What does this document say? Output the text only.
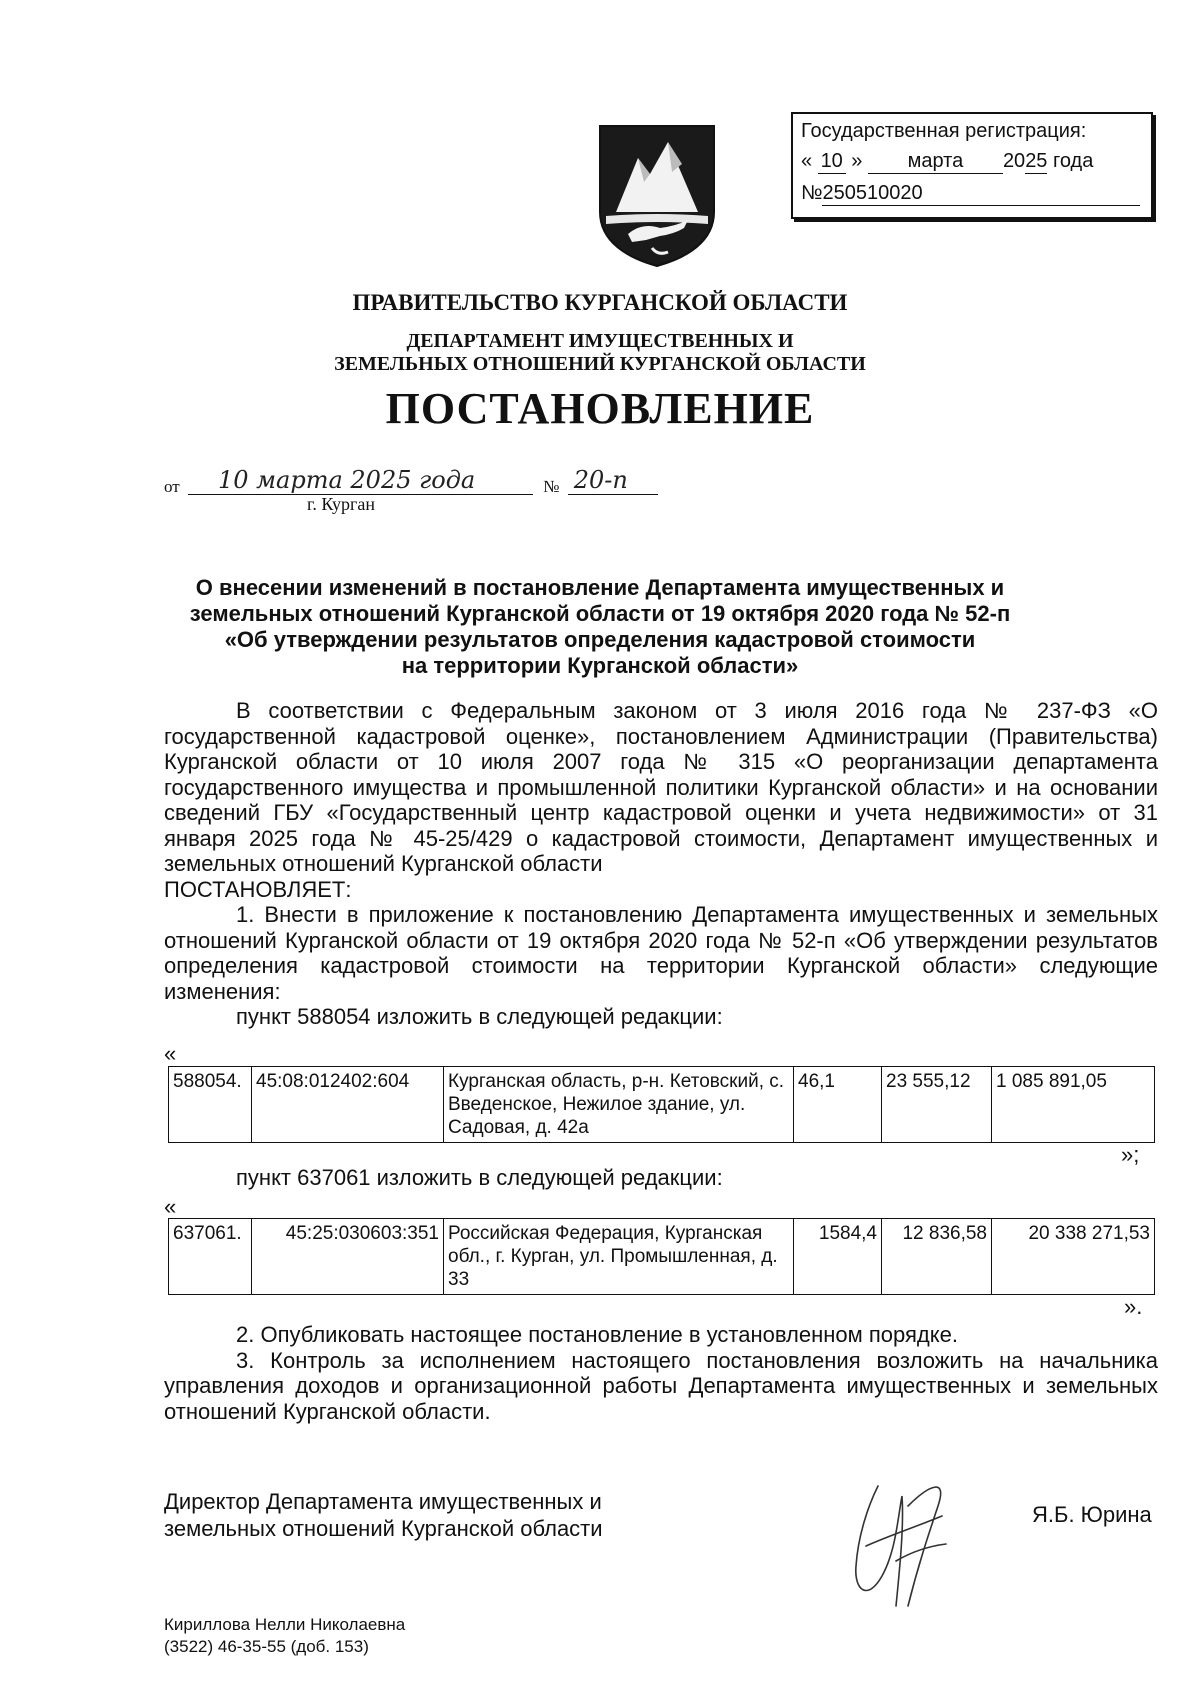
Государственная регистрация:
« 10 » марта 2025 года
№250510020
ПРАВИТЕЛЬСТВО КУРГАНСКОЙ ОБЛАСТИ
ДЕПАРТАМЕНТ ИМУЩЕСТВЕННЫХ И
ЗЕМЕЛЬНЫХ ОТНОШЕНИЙ КУРГАНСКОЙ ОБЛАСТИ
ПОСТАНОВЛЕНИЕ
от 10 марта 2025 года	№ 20-п
г. Курган
О внесении изменений в постановление Департамента имущественных и
земельных отношений Курганской области от 19 октября 2020 года № 52-п
«Об утверждении результатов определения кадастровой стоимости
на территории Курганской области»

В соответствии с Федеральным законом от 3 июля 2016 года № 237-ФЗ «О государственной кадастровой оценке», постановлением Администрации (Правительства) Курганской области от 10 июля 2007 года № 315 «О реорганизации департамента государственного имущества и промышленной политики Курганской области» и на основании сведений ГБУ «Государственный центр кадастровой оценки и учета недвижимости» от 31 января 2025 года № 45-25/429 о кадастровой стоимости, Департамент имущественных и земельных отношений Курганской области

ПОСТАНОВЛЯЕТ:

1. Внести в приложение к постановлению Департамента имущественных и земельных отношений Курганской области от 19 октября 2020 года № 52-п «Об утверждении результатов определения кадастровой стоимости на территории Курганской области» следующие изменения:

пункт 588054 изложить в следующей редакции:

«
588054.	45:08:012402:604	Курганская область, р-н. Кетовский, с. Введенское, Нежилое здание, ул. Садовая, д. 42а	46,1	23 555,12	1 085 891,05
»;

пункт 637061 изложить в следующей редакции:

«
637061.	45:25:030603:351	Российская Федерация, Курганская обл., г. Курган, ул. Промышленная, д. 33	1584,4	12 836,58	20 338 271,53
».

2. Опубликовать настоящее постановление в установленном порядке.

3. Контроль за исполнением настоящего постановления возложить на начальника управления доходов и организационной работы Департамента имущественных и земельных отношений Курганской области.

Директор Департамента имущественных и
земельных отношений Курганской области
Я.Б. Юрина
Кириллова Нелли Николаевна
(3522) 46-35-55 (доб. 153)
